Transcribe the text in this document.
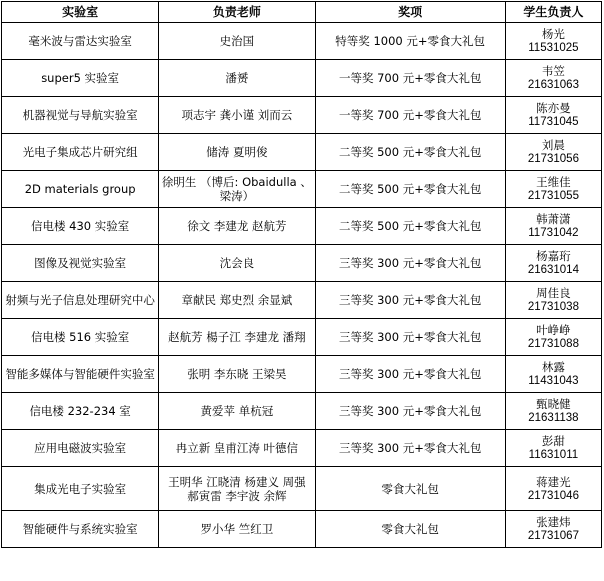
实验室	负责老师	奖项	学生负责人

毫米波与雷达实验室	史治国	特等奖 1000 元+零食大礼包	杨光
11531025

super5 实验室	潘赟	一等奖 700 元+零食大礼包	韦笠
21631063

机器视觉与导航实验室	项志宇 龚小谨 刘而云	一等奖 700 元+零食大礼包	陈亦曼
11731045

光电子集成芯片研究组	储涛 夏明俊	二等奖 500 元+零食大礼包	刘晨
21731056

2D materials group	徐明生 （博后: Obaidulla 、梁涛）	二等奖 500 元+零食大礼包	王维佳
21731055

信电楼 430 实验室	徐文 李建龙 赵航芳	二等奖 500 元+零食大礼包	韩萧潇
11731042

图像及视觉实验室	沈会良	三等奖 300 元+零食大礼包	杨嘉珩
21631014

射频与光子信息处理研究中心	章献民 郑史烈 余显斌	三等奖 300 元+零食大礼包	周佳良
21731038

信电楼 516 实验室	赵航芳 楊子江 李建龙 潘翔	三等奖 300 元+零食大礼包	叶峥峥
21731088

智能多媒体与智能硬件实验室	张明 李东晓 王梁昊	三等奖 300 元+零食大礼包	林露
11431043

信电楼 232-234 室	黄爱苹 单杭冠	三等奖 300 元+零食大礼包	甄晓健
21631138

应用电磁波实验室	冉立新 皇甫江涛 叶德信	三等奖 300 元+零食大礼包	彭甜
11631011

集成光电子实验室	王明华 江晓清 杨建义 周强 郝寅雷 李宇波 余辉	零食大礼包	蒋建光
21731046

智能硬件与系统实验室	罗小华 竺红卫	零食大礼包	张建炜
21731067
